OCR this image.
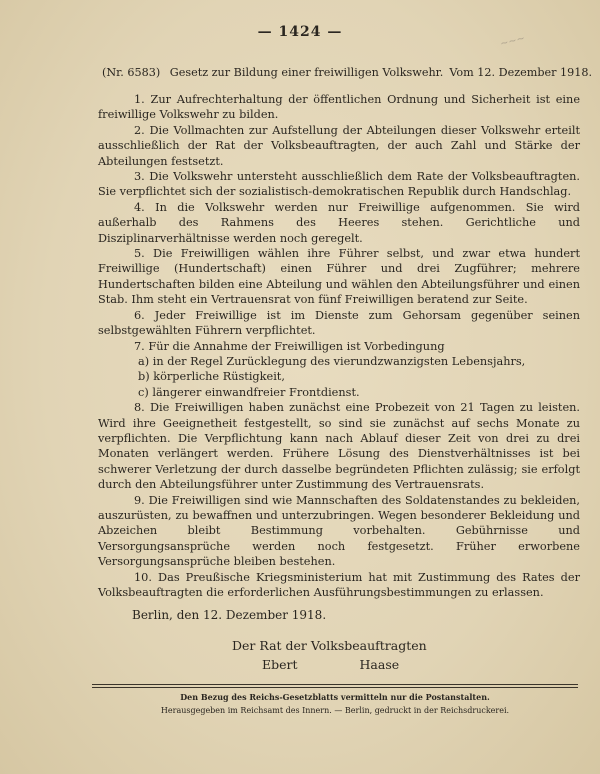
~~~
— 1424 —
(Nr. 6583) Gesetz zur Bildung einer freiwilligen Volkswehr. Vom 12. Dezember 1918.

1. Zur Aufrechterhaltung der öffentlichen Ordnung und Sicherheit ist eine freiwillige Volkswehr zu bilden.

2. Die Vollmachten zur Aufstellung der Abteilungen dieser Volkswehr erteilt ausschließlich der Rat der Volksbeauftragten, der auch Zahl und Stärke der Abteilungen festsetzt.

3. Die Volkswehr untersteht ausschließlich dem Rate der Volksbeauftragten. Sie verpflichtet sich der sozialistisch-demokratischen Republik durch Handschlag.

4. In die Volkswehr werden nur Freiwillige aufgenommen. Sie wird außerhalb des Rahmens des Heeres stehen. Gerichtliche und Disziplinarverhältnisse werden noch geregelt.

5. Die Freiwilligen wählen ihre Führer selbst, und zwar etwa hundert Freiwillige (Hundertschaft) einen Führer und drei Zugführer; mehrere Hundertschaften bilden eine Abteilung und wählen den Abteilungsführer und einen Stab. Ihm steht ein Vertrauensrat von fünf Freiwilligen beratend zur Seite.

6. Jeder Freiwillige ist im Dienste zum Gehorsam gegenüber seinen selbstgewählten Führern verpflichtet.

7. Für die Annahme der Freiwilligen ist Vorbedingung

a) in der Regel Zurücklegung des vierundzwanzigsten Lebensjahrs,

b) körperliche Rüstigkeit,

c) längerer einwandfreier Frontdienst.

8. Die Freiwilligen haben zunächst eine Probezeit von 21 Tagen zu leisten. Wird ihre Geeignetheit festgestellt, so sind sie zunächst auf sechs Monate zu verpflichten. Die Verpflichtung kann nach Ablauf dieser Zeit von drei zu drei Monaten verlängert werden. Frühere Lösung des Dienstverhältnisses ist bei schwerer Verletzung der durch dasselbe begründeten Pflichten zulässig; sie erfolgt durch den Abteilungsführer unter Zustimmung des Vertrauensrats.

9. Die Freiwilligen sind wie Mannschaften des Soldatenstandes zu bekleiden, auszurüsten, zu bewaffnen und unterzubringen. Wegen besonderer Bekleidung und Abzeichen bleibt Bestimmung vorbehalten. Gebührnisse und Versorgungsansprüche werden noch festgesetzt. Früher erworbene Versorgungsansprüche bleiben bestehen.

10. Das Preußische Kriegsministerium hat mit Zustimmung des Rates der Volksbeauftragten die erforderlichen Ausführungsbestimmungen zu erlassen.

Berlin, den 12. Dezember 1918.
Der Rat der Volksbeauftragten
Ebert	Haase
Den Bezug des Reichs-Gesetzblatts vermitteln nur die Postanstalten.
Herausgegeben im Reichsamt des Innern. — Berlin, gedruckt in der Reichsdruckerei.
